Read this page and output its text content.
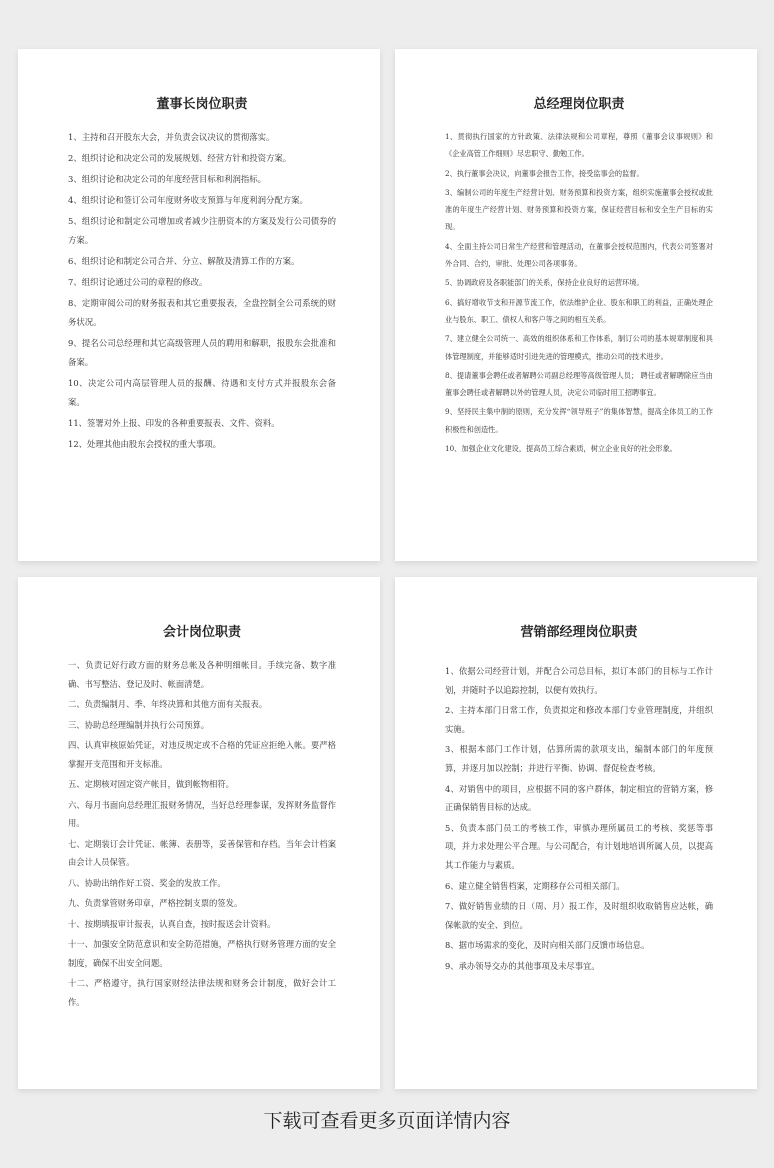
董事长岗位职责
1、主持和召开股东大会，并负责会议决议的贯彻落实。
2、组织讨论和决定公司的发展规划、经营方针和投资方案。
3、组织讨论和决定公司的年度经营目标和利润指标。
4、组织讨论和签订公司年度财务收支预算与年度利润分配方案。
5、组织讨论和制定公司增加或者减少注册资本的方案及发行公司债券的方案。
6、组织讨论和制定公司合并、分立、解散及清算工作的方案。
7、组织讨论通过公司的章程的修改。
8、定期审阅公司的财务报表和其它重要报表，全盘控制全公司系统的财务状况。
9、提名公司总经理和其它高级管理人员的聘用和解职，报股东会批准和备案。
10、决定公司内高层管理人员的报酬、待遇和支付方式并报股东会备案。
11、签署对外上报、印发的各种重要报表、文件、资料。
12、处理其他由股东会授权的重大事项。
总经理岗位职责
1、贯彻执行国家的方针政策、法律法规和公司章程，尊照《董事会议事规则》和《企业高管工作细则》尽忠职守、勤勉工作。
2、执行董事会决议，向董事会报告工作，接受监事会的监督。
3、编制公司的年度生产经营计划、财务预算和投资方案，组织实施董事会授权或批准的年度生产经营计划、财务预算和投资方案，保证经营目标和安全生产目标的实现。
4、全面主持公司日常生产经营和管理活动，在董事会授权范围内，代表公司签署对外合同、合约，审批、处理公司各项事务。
5、协调政府及各职能部门的关系，保持企业良好的运营环境。
6、搞好增收节支和开源节流工作，依法维护企业、股东和职工的利益，正确处理企业与股东、职工、债权人和客户等之间的相互关系。
7、建立健全公司统一、高效的组织体系和工作体系，制订公司的基本规章制度和具体管理制度，并能够适时引进先进的管理模式，推动公司的技术进步。
8、提请董事会聘任或者解聘公司副总经理等高级管理人员； 聘任或者解聘除应当由董事会聘任或者解聘以外的管理人员，决定公司临时用工招聘事宜。
9、坚持民主集中制的原则，充分发挥“领导班子”的集体智慧，提高全体员工的工作积极性和创造性。
10、加强企业文化建设，提高员工综合素质，树立企业良好的社会形象。
会计岗位职责
一、负责记好行政方面的财务总帐及各种明细帐目。手续完备、数字准确、书写整洁、登记及时、帐面清楚。
二、负责编制月、季、年终决算和其他方面有关报表。
三、协助总经理编制并执行公司预算。
四、认真审核原始凭证，对违反规定或不合格的凭证应拒绝入帐。要严格掌握开支范围和开支标准。
五、定期核对固定资产帐目，做到帐物相符。
六、每月书面向总经理汇报财务情况，当好总经理参谋，发挥财务监督作用。
七、定期装订会计凭证、帐簿、表册等，妥善保管和存档。当年会计档案由会计人员保管。
八、协助出纳作好工资、奖金的发放工作。
九、负责掌管财务印章，严格控制支票的签发。
十、按期填报审计报表，认真自查，按时报送会计资料。
十一、加强安全防范意识和安全防范措施，严格执行财务管理方面的安全制度，确保不出安全问题。
十二、严格遵守，执行国家财经法律法规和财务会计制度，做好会计工作。
营销部经理岗位职责
1、依据公司经营计划，并配合公司总目标，拟订本部门的目标与工作计划，并随时予以追踪控制，以便有效执行。
2、主持本部门日常工作，负责拟定和修改本部门专业管理制度，并组织实施。
3、根据本部门工作计划，估算所需的款项支出，编制本部门的年度预算，并逐月加以控制；并进行平衡、协调、督促检查考核。
4、对销售中的项目，应根据不同的客户群体，制定相宜的营销方案，修正确保销售目标的达成。
5、负责本部门员工的考核工作，审慎办理所属员工的考核、奖惩等事项，并力求处理公平合理。与公司配合，有计划地培训所属人员，以提高其工作能力与素质。
6、建立健全销售档案，定期移存公司相关部门。
7、做好销售业绩的日（周、月）报工作，及时组织收取销售应达帐，确保帐款的安全、到位。
8、据市场需求的变化，及时向相关部门反馈市场信息。
9、承办领导交办的其他事项及未尽事宜。
下载可查看更多页面详情内容
